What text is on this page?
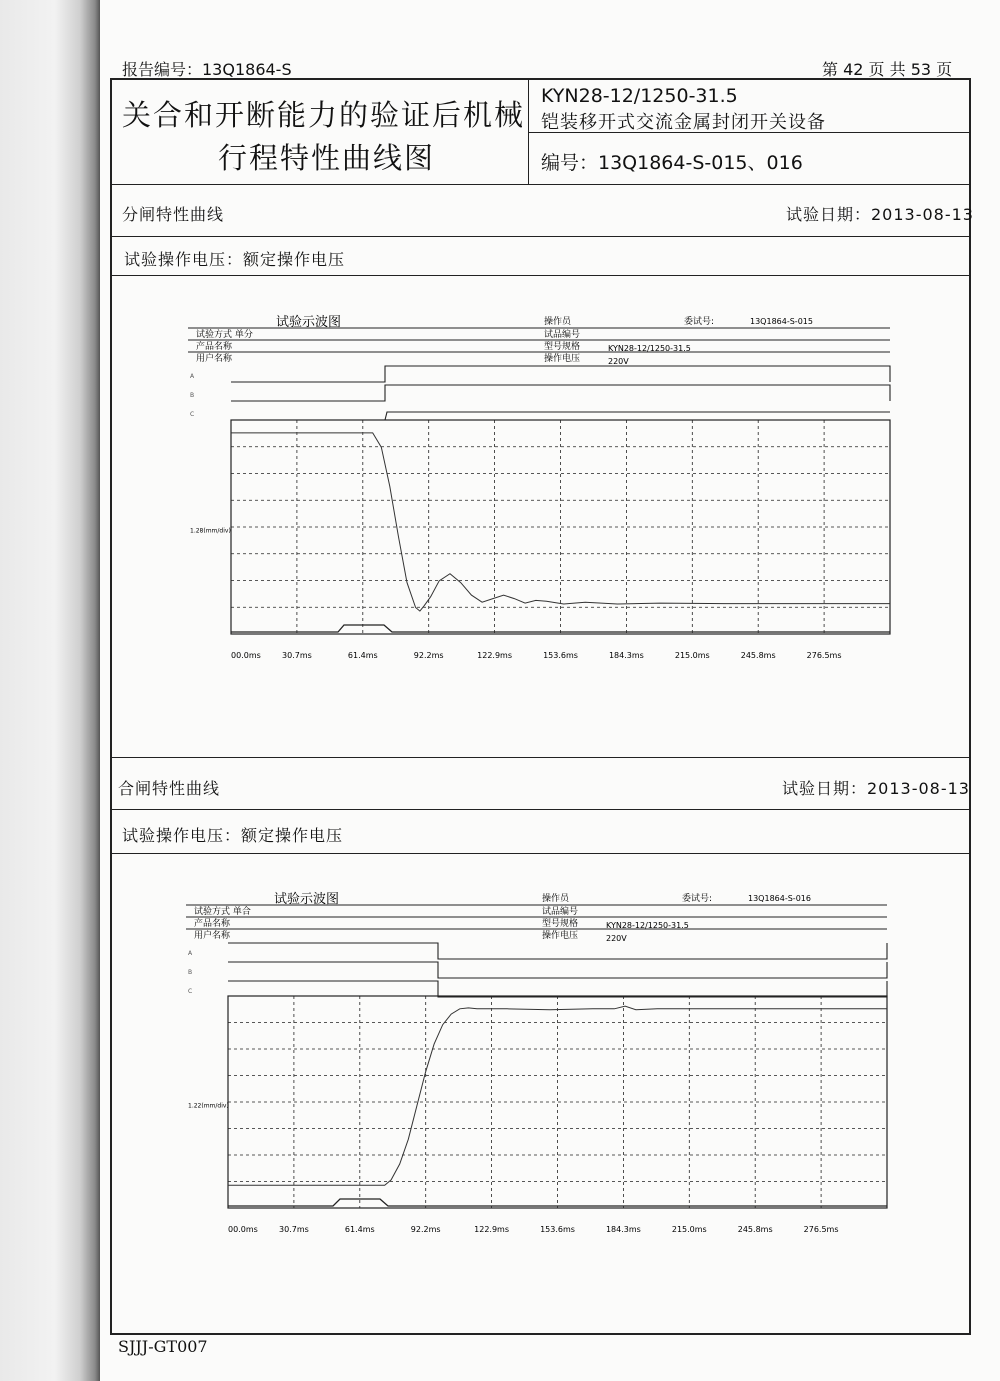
报告编号：13Q1864-S	第 42 页 共 53 页
关合和开断能力的验证后机械
行程特性曲线图
KYN28-12/1250-31.5
铠装移开式交流金属封闭开关设备
编号：13Q1864-S-015、016
分闸特性曲线	试验日期：2013-08-13
试验操作电压：额定操作电压
合闸特性曲线	试验日期：2013-08-13
试验操作电压：额定操作电压
试验示波图	操作员	委试号:	13Q1864-S-015
试验方式 单分	试品编号
产品名称	型号规格	KYN28-12/1250-31.5
用户名称	操作电压	220V
A
B
C
1.28(mm/div)
00.0ms	30.7ms	61.4ms	92.2ms	122.9ms	153.6ms	184.3ms	215.0ms	245.8ms	276.5ms
试验示波图	操作员	委试号:	13Q1864-S-016
试验方式 单合	试品编号
产品名称	型号规格	KYN28-12/1250-31.5
用户名称	操作电压	220V
A
B
C
1.22(mm/div)
00.0ms	30.7ms	61.4ms	92.2ms	122.9ms	153.6ms	184.3ms	215.0ms	245.8ms	276.5ms
SJJJ-GT007
